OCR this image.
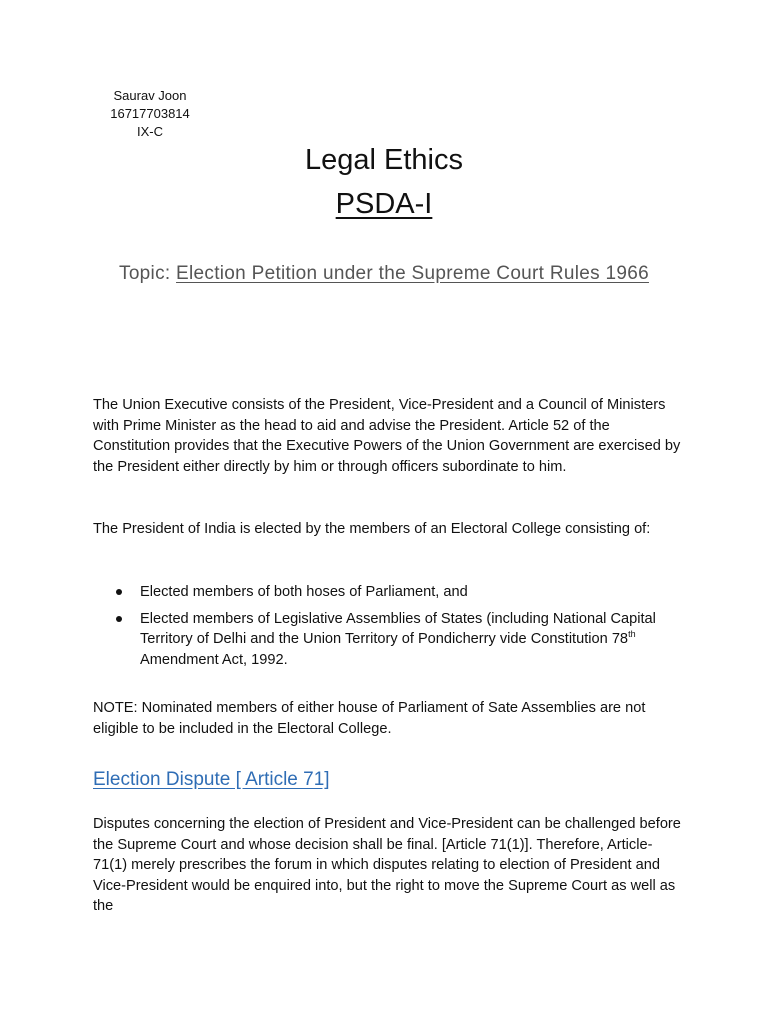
Saurav Joon
16717703814
IX-C
Legal Ethics
PSDA-I
Topic: Election Petition under the Supreme Court Rules 1966

The Union Executive consists of the President, Vice-President and a Council of Ministers with Prime Minister as the head to aid and advise the President. Article 52 of the Constitution provides that the Executive Powers of the Union Government are exercised by the President either directly by him or through officers subordinate to him.

The President of India is elected by the members of an Electoral College consisting of:

Elected members of both hoses of Parliament, and
Elected members of Legislative Assemblies of States (including National Capital Territory of Delhi and the Union Territory of Pondicherry vide Constitution 78th Amendment Act, 1992.

NOTE: Nominated members of either house of Parliament of Sate Assemblies are not eligible to be included in the Electoral College.

Election Dispute [ Article 71]

Disputes concerning the election of President and Vice-President can be challenged before the Supreme Court and whose decision shall be final. [Article 71(1)]. Therefore, Article-71(1) merely prescribes the forum in which disputes relating to election of President and Vice-President would be enquired into, but the right to move the Supreme Court as well as the
